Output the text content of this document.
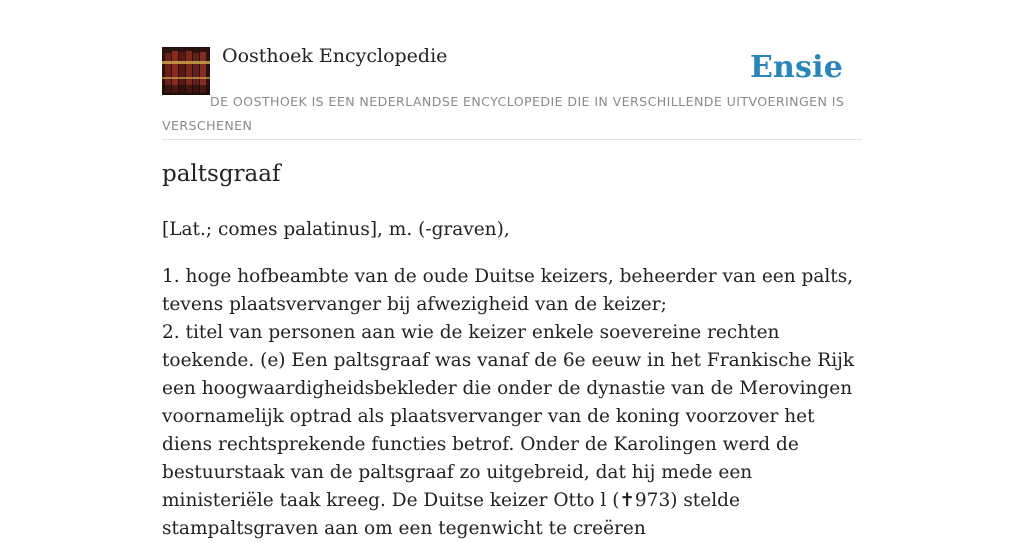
Oosthoek Encyclopedie	Ensie
DE OOSTHOEK IS EEN NEDERLANDSE ENCYCLOPEDIE DIE IN VERSCHILLENDE UITVOERINGEN IS VERSCHENEN
paltsgraaf

[Lat.; comes palatinus], m. (-graven),

1. hoge hofbeambte van de oude Duitse keizers, beheerder van een palts, tevens plaatsvervanger bij afwezigheid van de keizer;
2. titel van personen aan wie de keizer enkele soevereine rechten toekende. (e) Een paltsgraaf was vanaf de 6e eeuw in het Frankische Rijk een hoogwaardigheidsbekleder die onder de dynastie van de Merovingen voornamelijk optrad als plaatsvervanger van de koning voorzover het diens rechtsprekende functies betrof. Onder de Karolingen werd de bestuurstaak van de paltsgraaf zo uitgebreid, dat hij mede een ministeriële taak kreeg. De Duitse keizer Otto l (✝973) stelde stampaltsgraven aan om een tegenwicht te creëren
